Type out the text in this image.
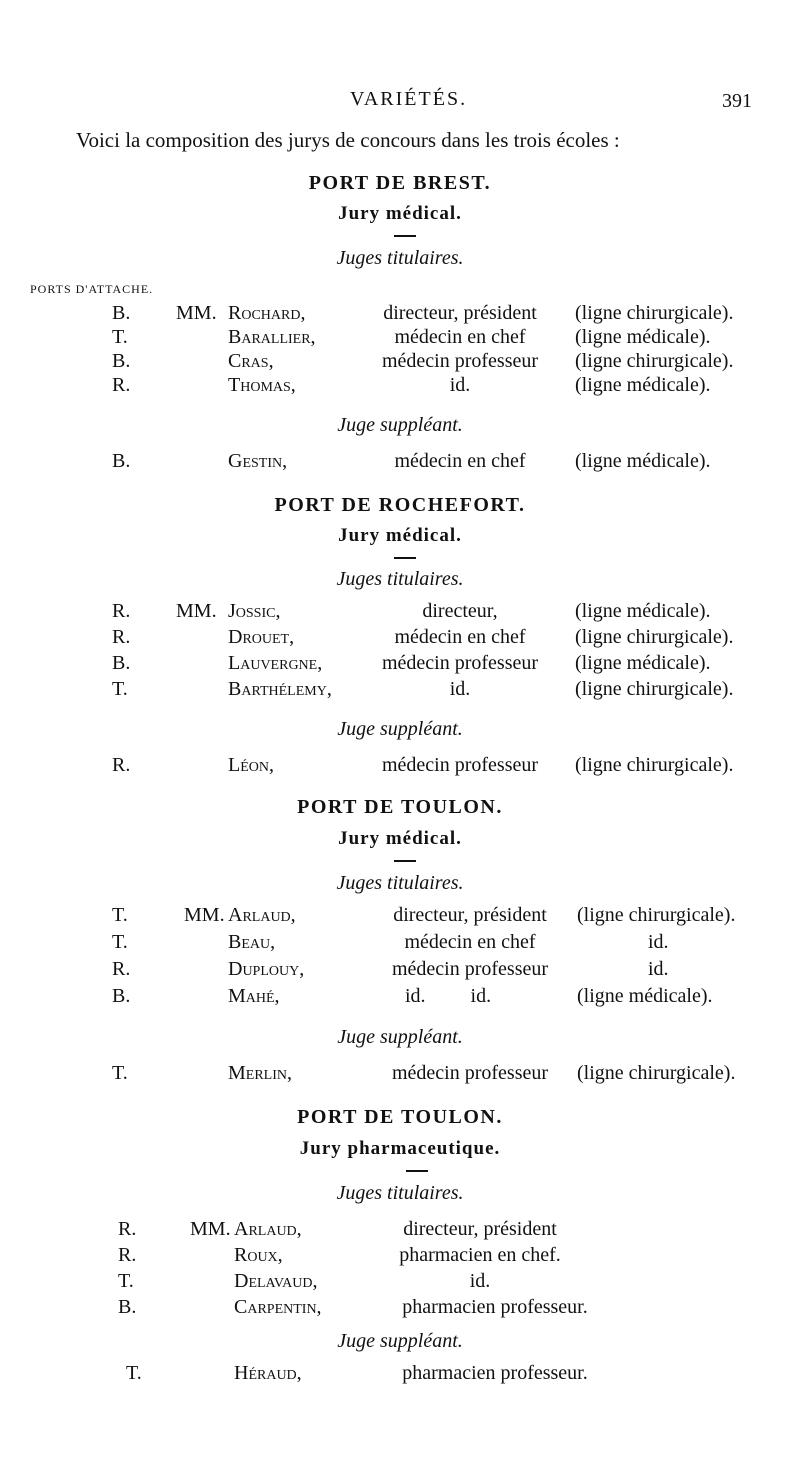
VARIÉTÉS.	391
Voici la composition des jurys de concours dans les trois écoles :
PORT DE BREST.
Jury médical.
Juges titulaires.
PORTS D'ATTACHE.
B. MM. Rochard,	directeur, président	(ligne chirurgicale).
T.	Barallier,	médecin en chef	(ligne médicale).
B.	Cras,	médecin professeur	(ligne chirurgicale).
R.	Thomas,	id.	(ligne médicale).
Juge suppléant.
B.	Gestin,	médecin en chef	(ligne médicale).
PORT DE ROCHEFORT.
Jury médical.
Juges titulaires.
R. MM. Jossic,	directeur,	(ligne médicale).
R.	Drouet,	médecin en chef	(ligne chirurgicale).
B.	Lauvergne,	médecin professeur	(ligne médicale).
T.	Barthélemy,	id.	(ligne chirurgicale).
Juge suppléant.
R.	Léon,	médecin professeur	(ligne chirurgicale).
PORT DE TOULON.
Jury médical.
Juges titulaires.
T.	MM. Arlaud,	directeur, président	(ligne chirurgicale).
T.	Beau,	médecin en chef	id.
R.	Duplouy,	médecin professeur	id.
B.	Mahé,	id. id.	(ligne médicale).
Juge suppléant.
T.	Merlin,	médecin professeur	(ligne chirurgicale).
PORT DE TOULON.
Jury pharmaceutique.
Juges titulaires.
R.	MM. Arlaud,	directeur, président
R.	Roux,	pharmacien en chef.
T.	Delavaud,	id.
B.	Carpentin,	pharmacien professeur.
Juge suppléant.
T.	Héraud,	pharmacien professeur.
